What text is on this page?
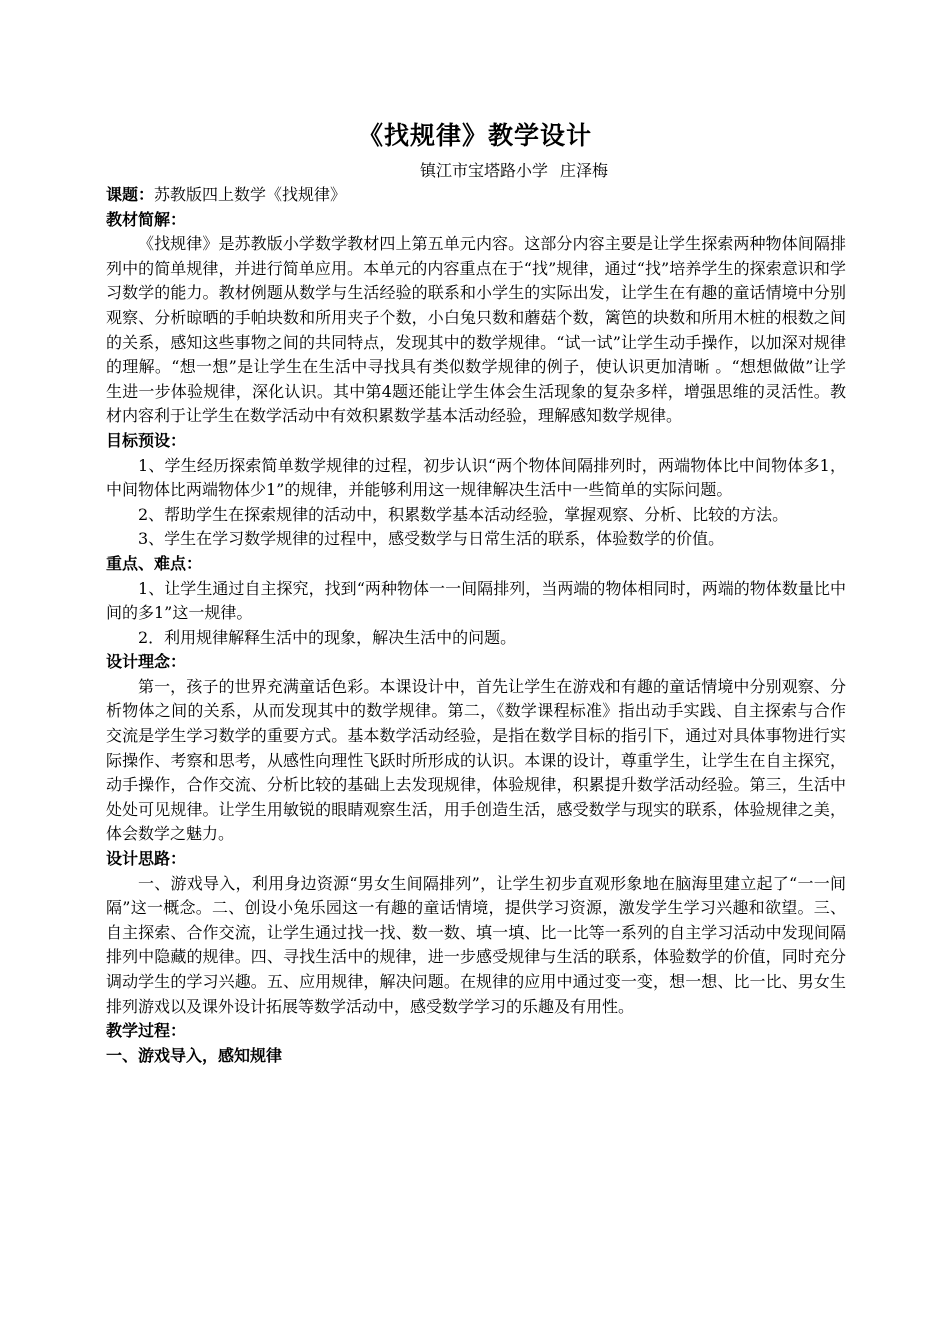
《找规律》教学设计
镇江市宝塔路小学 庄泽梅

课题：苏教版四上数学《找规律》

教材简解：

《找规律》是苏教版小学数学教材四上第五单元内容。这部分内容主要是让学生探索两种物体间隔排列中的简单规律，并进行简单应用。本单元的内容重点在于“找”规律，通过“找”培养学生的探索意识和学习数学的能力。教材例题从数学与生活经验的联系和小学生的实际出发，让学生在有趣的童话情境中分别观察、分析晾晒的手帕块数和所用夹子个数，小白兔只数和蘑菇个数，篱笆的块数和所用木桩的根数之间的关系，感知这些事物之间的共同特点，发现其中的数学规律。“试一试”让学生动手操作，以加深对规律的理解。“想一想”是让学生在生活中寻找具有类似数学规律的例子，使认识更加清晰 。“想想做做”让学生进一步体验规律，深化认识。其中第4题还能让学生体会生活现象的复杂多样，增强思维的灵活性。教材内容利于让学生在数学活动中有效积累数学基本活动经验，理解感知数学规律。

目标预设：

1、学生经历探索简单数学规律的过程，初步认识“两个物体间隔排列时，两端物体比中间物体多1，中间物体比两端物体少1”的规律，并能够利用这一规律解决生活中一些简单的实际问题。

2、帮助学生在探索规律的活动中，积累数学基本活动经验，掌握观察、分析、比较的方法。

3、学生在学习数学规律的过程中，感受数学与日常生活的联系，体验数学的价值。

重点、难点：

1、让学生通过自主探究，找到“两种物体一一间隔排列，当两端的物体相同时，两端的物体数量比中间的多1”这一规律。

2．利用规律解释生活中的现象，解决生活中的问题。

设计理念：

第一，孩子的世界充满童话色彩。本课设计中，首先让学生在游戏和有趣的童话情境中分别观察、分析物体之间的关系，从而发现其中的数学规律。第二，《数学课程标准》指出动手实践、自主探索与合作交流是学生学习数学的重要方式。基本数学活动经验，是指在数学目标的指引下，通过对具体事物进行实际操作、考察和思考，从感性向理性飞跃时所形成的认识。本课的设计，尊重学生，让学生在自主探究，动手操作，合作交流、分析比较的基础上去发现规律，体验规律，积累提升数学活动经验。第三，生活中处处可见规律。让学生用敏锐的眼睛观察生活，用手创造生活，感受数学与现实的联系，体验规律之美，体会数学之魅力。

设计思路：

一、游戏导入，利用身边资源“男女生间隔排列”，让学生初步直观形象地在脑海里建立起了“一一间隔”这一概念。二、创设小兔乐园这一有趣的童话情境，提供学习资源，激发学生学习兴趣和欲望。三、自主探索、合作交流，让学生通过找一找、数一数、填一填、比一比等一系列的自主学习活动中发现间隔排列中隐藏的规律。四、寻找生活中的规律，进一步感受规律与生活的联系，体验数学的价值，同时充分调动学生的学习兴趣。五、应用规律，解决问题。在规律的应用中通过变一变，想一想、比一比、男女生排列游戏以及课外设计拓展等数学活动中，感受数学学习的乐趣及有用性。

教学过程：

一、游戏导入，感知规律
